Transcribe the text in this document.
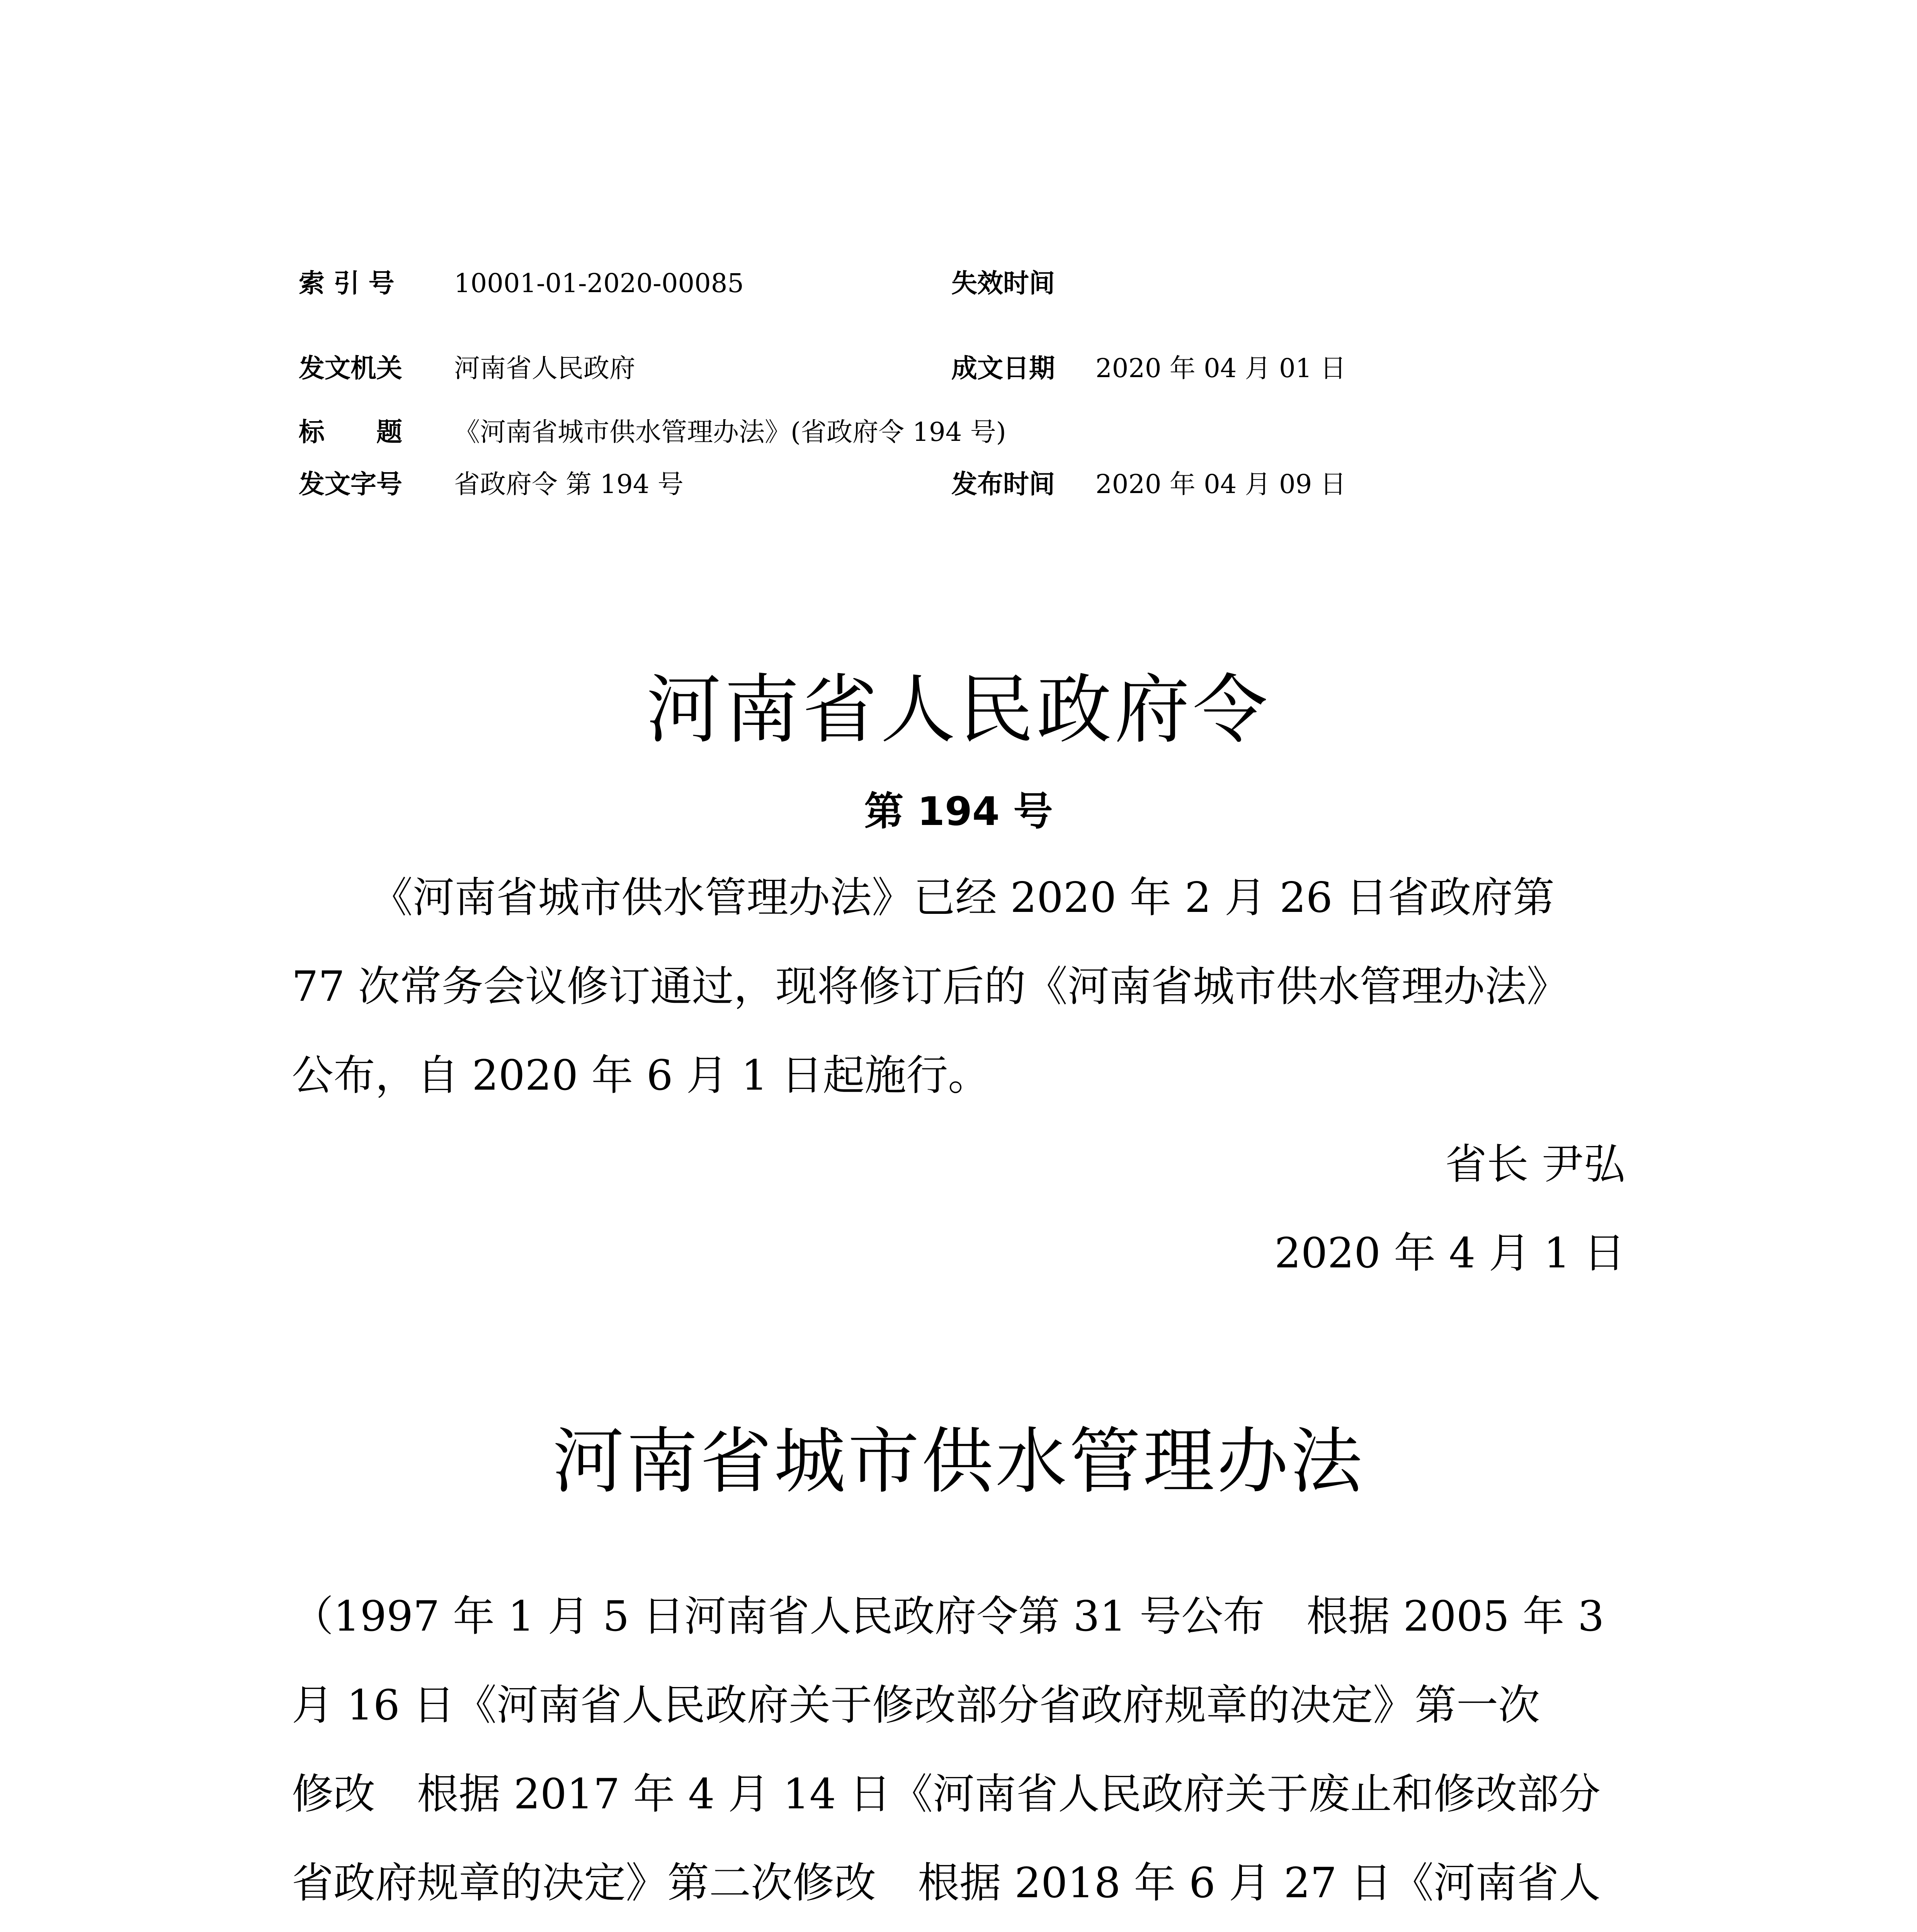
索 引 号 10001-01-2020-00085	失效时间
发文机关 河南省人民政府	成文日期 2020 年 04 月 01 日
标　　题 《河南省城市供水管理办法》(省政府令 194 号)
发文字号 省政府令 第 194 号	发布时间 2020 年 04 月 09 日
河南省人民政府令
第 194 号
《河南省城市供水管理办法》已经 2020 年 2 月 26 日省政府第
77 次常务会议修订通过，现将修订后的《河南省城市供水管理办法》
公布，自 2020 年 6 月 1 日起施行。
省长 尹弘
2020 年 4 月 1 日
河南省城市供水管理办法
（1997 年 1 月 5 日河南省人民政府令第 31 号公布　根据 2005 年 3
月 16 日《河南省人民政府关于修改部分省政府规章的决定》第一次
修改　根据 2017 年 4 月 14 日《河南省人民政府关于废止和修改部分
省政府规章的决定》第二次修改　根据 2018 年 6 月 27 日《河南省人
